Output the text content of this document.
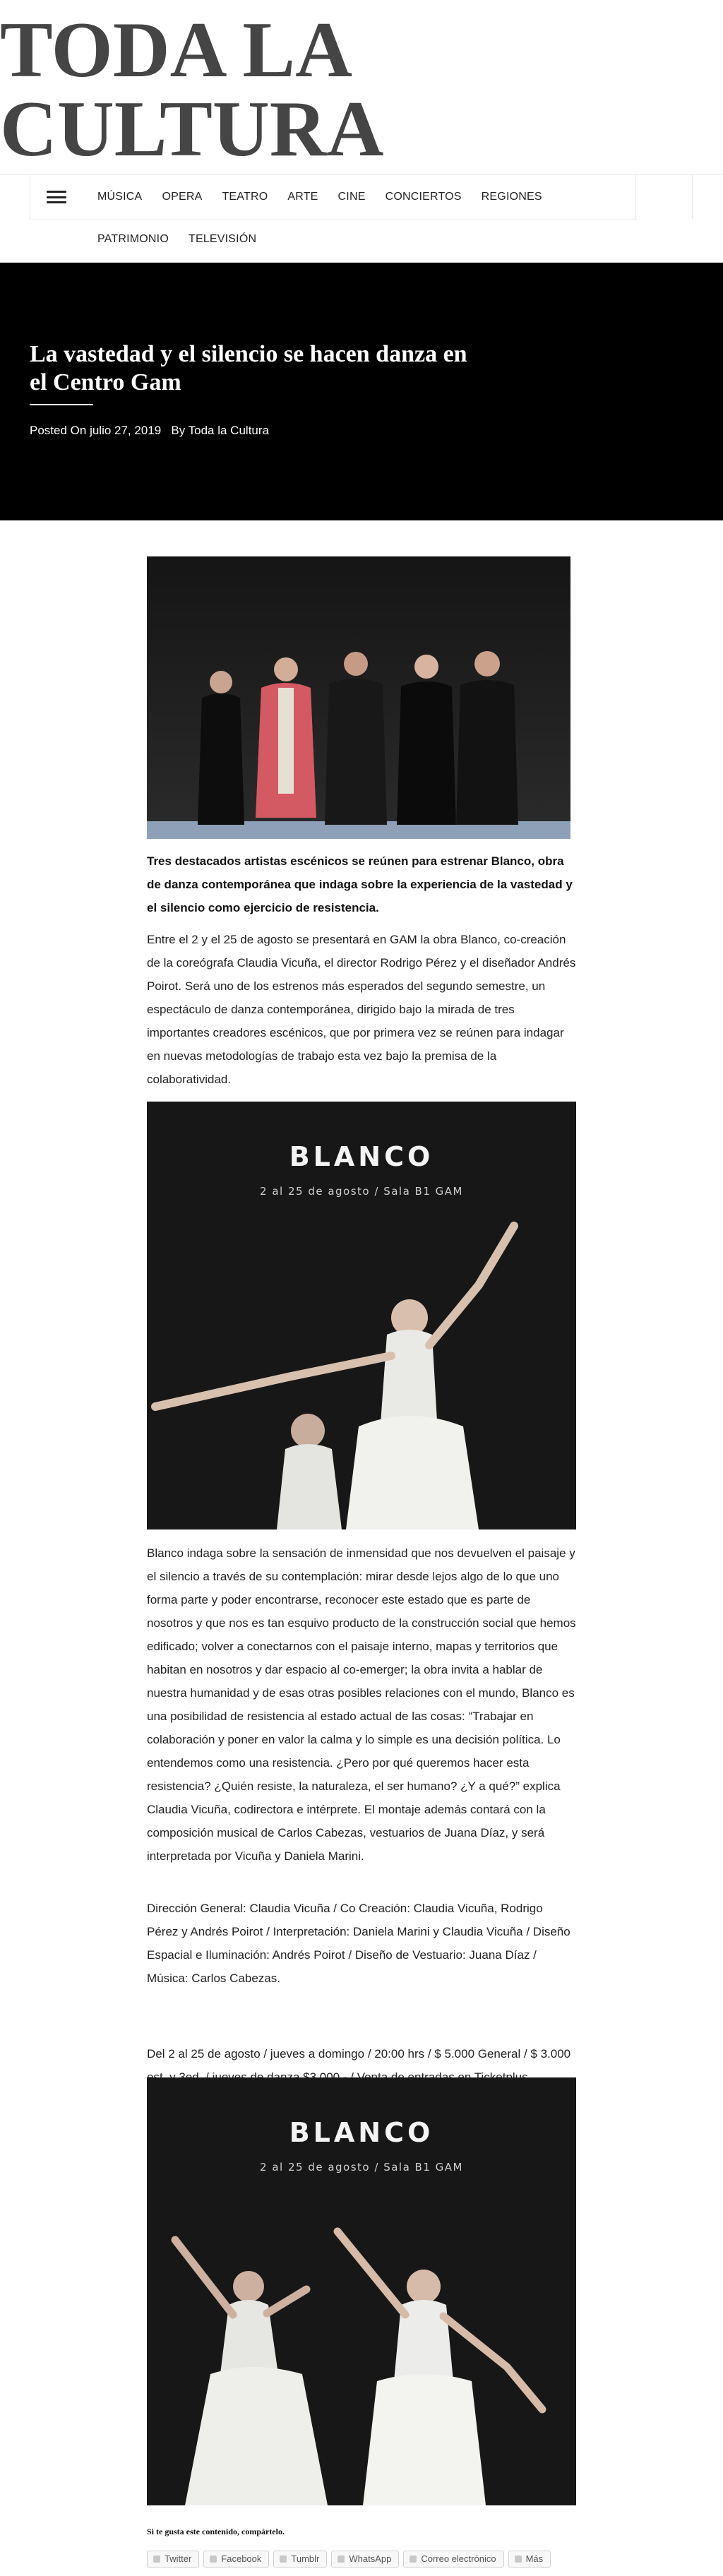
TODA LA CULTURA
MÚSICA OPERA TEATRO ARTE CINE CONCIERTOS REGIONES
PATRIMONIO TELEVISIÓN
La vastedad y el silencio se hacen danza en el Centro Gam
Posted On julio 27, 2019 By Toda la Cultura

Tres destacados artistas escénicos se reúnen para estrenar Blanco, obra de danza contemporánea que indaga sobre la experiencia de la vastedad y el silencio como ejercicio de resistencia.

Entre el 2 y el 25 de agosto se presentará en GAM la obra Blanco, co-creación de la coreógrafa Claudia Vicuña, el director Rodrigo Pérez y el diseñador Andrés Poirot. Será uno de los estrenos más esperados del segundo semestre, un espectáculo de danza contemporánea, dirigido bajo la mirada de tres importantes creadores escénicos, que por primera vez se reúnen para indagar en nuevas metodologías de trabajo esta vez bajo la premisa de la colaboratividad.

BLANCO
2 al 25 de agosto / Sala B1 GAM

Blanco indaga sobre la sensación de inmensidad que nos devuelven el paisaje y el silencio a través de su contemplación: mirar desde lejos algo de lo que uno forma parte y poder encontrarse, reconocer este estado que es parte de nosotros y que nos es tan esquivo producto de la construcción social que hemos edificado; volver a conectarnos con el paisaje interno, mapas y territorios que habitan en nosotros y dar espacio al co-emerger; la obra invita a hablar de nuestra humanidad y de esas otras posibles relaciones con el mundo, Blanco es una posibilidad de resistencia al estado actual de las cosas: “Trabajar en colaboración y poner en valor la calma y lo simple es una decisión política. Lo entendemos como una resistencia. ¿Pero por qué queremos hacer esta resistencia? ¿Quién resiste, la naturaleza, el ser humano? ¿Y a qué?” explica Claudia Vicuña, codirectora e intérprete. El montaje además contará con la composición musical de Carlos Cabezas, vestuarios de Juana Díaz, y será interpretada por Vicuña y Daniela Marini.

Dirección General: Claudia Vicuña / Co Creación: Claudia Vicuña, Rodrigo Pérez y Andrés Poirot / Interpretación: Daniela Marini y Claudia Vicuña / Diseño Espacial e Iluminación: Andrés Poirot / Diseño de Vestuario: Juana Díaz / Música: Carlos Cabezas.

Del 2 al 25 de agosto / jueves a domingo / 20:00 hrs / $ 5.000 General / $ 3.000

BLANCO
2 al 25 de agosto / Sala B1 GAM
Si te gusta este contenido, compártelo.
Twitter	Facebook	Tumblr	WhatsApp	Correo electrónico	Más
